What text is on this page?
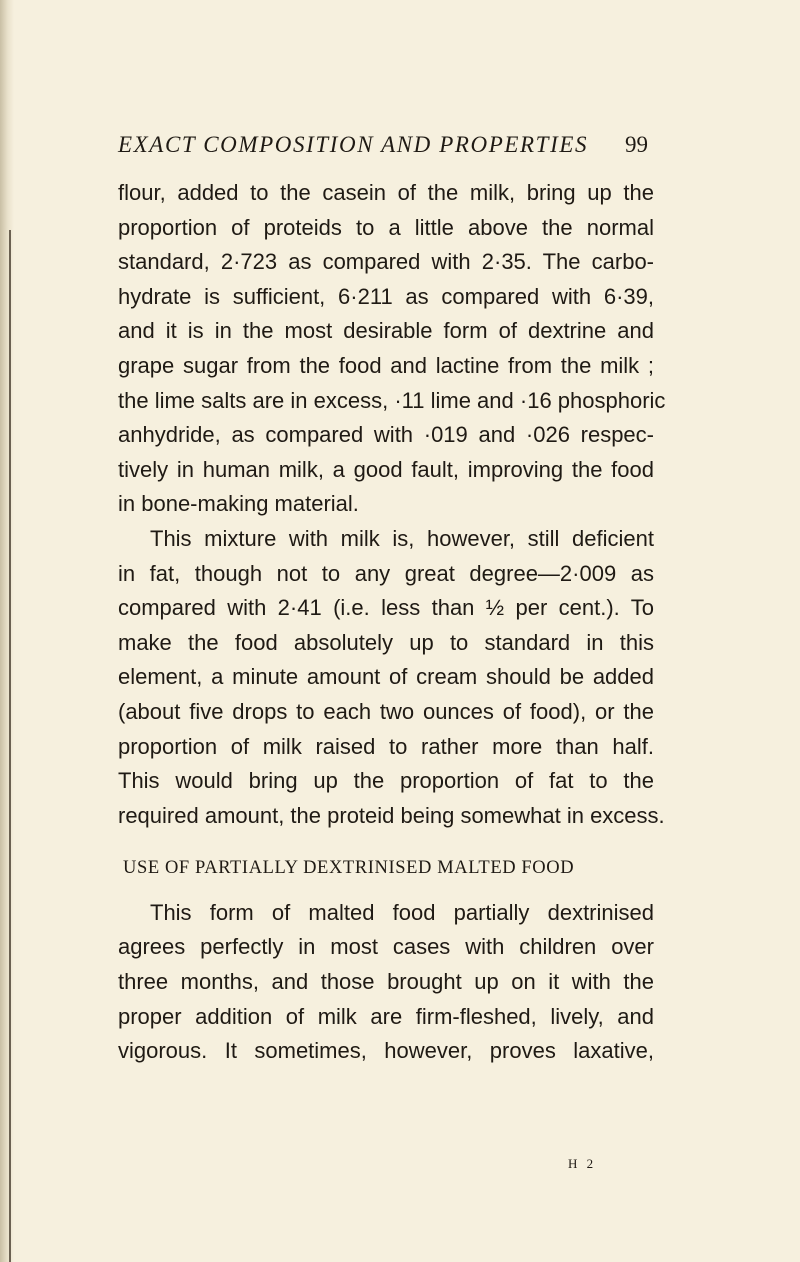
EXACT COMPOSITION AND PROPERTIES 99
flour, added to the casein of the milk, bring up the
proportion of proteids to a little above the normal
standard, 2·723 as compared with 2·35. The carbo-
hydrate is sufficient, 6·211 as compared with 6·39,
and it is in the most desirable form of dextrine and
grape sugar from the food and lactine from the milk ;
the lime salts are in excess, ·11 lime and ·16 phosphoric
anhydride, as compared with ·019 and ·026 respec-
tively in human milk, a good fault, improving the food
in bone-making material.
This mixture with milk is, however, still deficient
in fat, though not to any great degree—2·009 as
compared with 2·41 (i.e. less than ½ per cent.). To
make the food absolutely up to standard in this
element, a minute amount of cream should be added
(about five drops to each two ounces of food), or the
proportion of milk raised to rather more than half.
This would bring up the proportion of fat to the
required amount, the proteid being somewhat in excess.
USE OF PARTIALLY DEXTRINISED MALTED FOOD
This form of malted food partially dextrinised
agrees perfectly in most cases with children over
three months, and those brought up on it with the
proper addition of milk are firm-fleshed, lively, and
vigorous. It sometimes, however, proves laxative,
H 2
